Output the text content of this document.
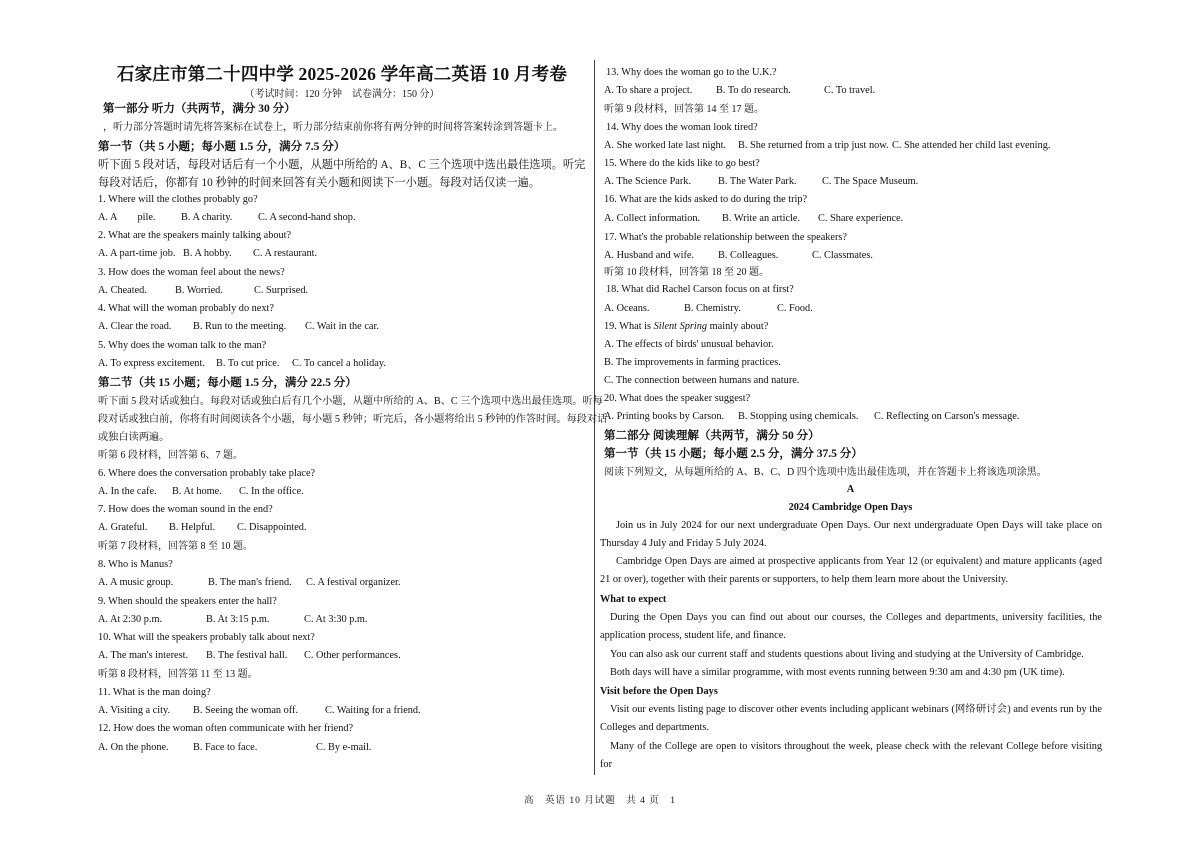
石家庄市第二十四中学 2025-2026 学年高二英语 10 月考卷
（考试时间：120 分钟　试卷满分：150 分）
第一部分 听力（共两节，满分 30 分）
，听力部分答题时请先将答案标在试卷上，听力部分结束前你将有两分钟的时间将答案转涂到答题卡上。
第一节（共 5 小题；每小题 1.5 分，满分 7.5 分）
听下面 5 段对话，每段对话后有一个小题，从题中所给的 A、B、C 三个选项中选出最佳选项。听完
每段对话后，你都有 10 秒钟的时间来回答有关小题和阅读下一小题。每段对话仅读一遍。
1. Where will the clothes probably go?
A. A　　pile. B. A charity. C. A second-hand shop.
2. What are the speakers mainly talking about?
A. A part-time job. B. A hobby. C. A restaurant.
3. How does the woman feel about the news?
A. Cheated.	B. Worried.	C. Surprised.
4. What will the woman probably do next?
A. Clear the road. B. Run to the meeting. C. Wait in the car.
5. Why does the woman talk to the man?
A. To express excitement. B. To cut price. C. To cancel a holiday.
第二节（共 15 小题；每小题 1.5 分，满分 22.5 分）
听下面 5 段对话或独白。每段对话或独白后有几个小题，从题中所给的 A、B、C 三个选项中选出最佳选项。听每
段对话或独白前，你将有时间阅读各个小题，每小题 5 秒钟；听完后，各小题将给出 5 秒钟的作答时间。每段对话
或独白读两遍。
听第 6 段材料，回答第 6、7 题。
6. Where does the conversation probably take place?
A. In the cafe. B. At home. C. In the office.
7. How does the woman sound in the end?
A. Grateful. B. Helpful. C. Disappointed.
听第 7 段材料，回答第 8 至 10 题。
8. Who is Manus?
A. A music group.	B. The man's friend. C. A festival organizer.
9. When should the speakers enter the hall?
A. At 2:30 p.m.	B. At 3:15 p.m.	C. At 3:30 p.m.
10. What will the speakers probably talk about next?
A. The man's interest. B. The festival hall. C. Other performances.
听第 8 段材料，回答第 11 至 13 题。
11. What is the man doing?
A. Visiting a city. B. Seeing the woman off.	C. Waiting for a friend.
12. How does the woman often communicate with her friend?
A. On the phone. B. Face to face.	C. By e-mail.
13. Why does the woman go to the U.K.?
A. To share a project. B. To do research.	C. To travel.
听第 9 段材料，回答第 14 至 17 题。
14. Why does the woman look tired?
A. She worked late last night. B. She returned from a trip just now. C. She attended her child last evening.
15. Where do the kids like to go best?
A. The Science Park.	B. The Water Park. C. The Space Museum.
16. What are the kids asked to do during the trip?
A. Collect information. B. Write an article. C. Share experience.
17. What's the probable relationship between the speakers?
A. Husband and wife. B. Colleagues.	C. Classmates.
听第 10 段材料，回答第 18 至 20 题。
18. What did Rachel Carson focus on at first?
A. Oceans.	B. Chemistry.	C. Food.
19. What is Silent Spring mainly about?
A. The effects of birds' unusual behavior.
B. The improvements in farming practices.
C. The connection between humans and nature.
20. What does the speaker suggest?
A. Printing books by Carson. B. Stopping using chemicals. C. Reflecting on Carson's message.
第二部分 阅读理解（共两节，满分 50 分）
第一节（共 15 小题；每小题 2.5 分，满分 37.5 分）
阅读下列短文，从每题所给的 A、B、C、D 四个选项中选出最佳选项，并在答题卡上将该选项涂黑。
A
2024 Cambridge Open Days
Join us in July 2024 for our next undergraduate Open Days. Our next undergraduate Open Days will take place on Thursday 4 July and Friday 5 July 2024.
Cambridge Open Days are aimed at prospective applicants from Year 12 (or equivalent) and mature applicants (aged 21 or over), together with their parents or supporters, to help them learn more about the University.
What to expect
During the Open Days you can find out about our courses, the Colleges and departments, university facilities, the application process, student life, and finance.
You can also ask our current staff and students questions about living and studying at the University of Cambridge.
Both days will have a similar programme, with most events running between 9:30 am and 4:30 pm (UK time).
Visit before the Open Days
Visit our events listing page to discover other events including applicant webinars (网络研讨会) and events run by the Colleges and departments.
Many of the College are open to visitors throughout the week, please check with the relevant College before visiting for
高　英语 10 月试题　共 4 页　1
